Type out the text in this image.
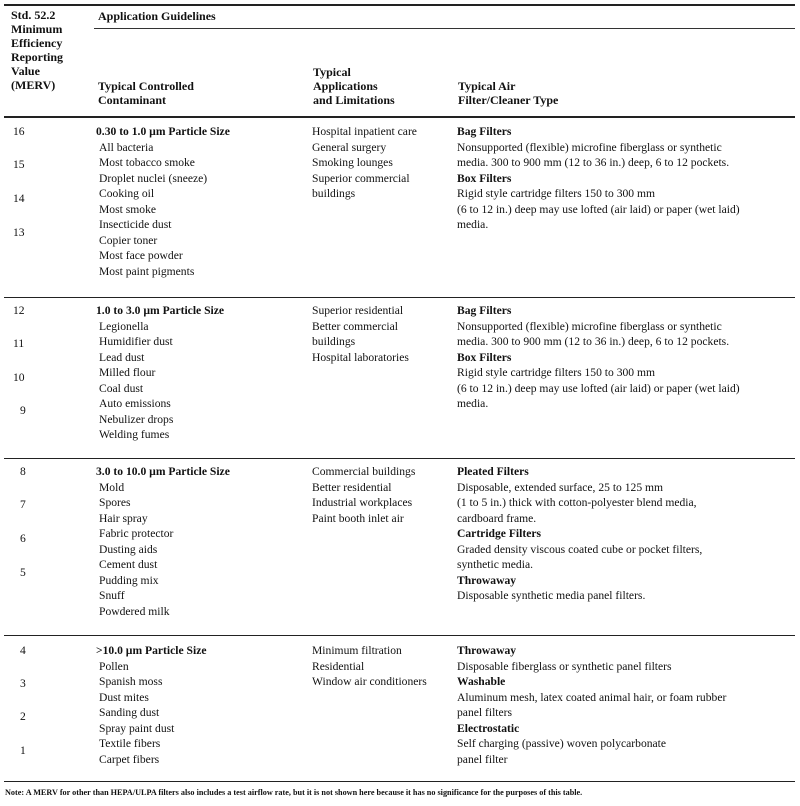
Std. 52.2
Minimum
Efficiency
Reporting
Value
(MERV)
Application Guidelines
Typical Controlled
Contaminant
Typical
Applications
and Limitations
Typical Air
Filter/Cleaner Type
16
15
14
13
0.30 to 1.0 µm Particle Size
All bacteria
Most tobacco smoke
Droplet nuclei (sneeze)
Cooking oil
Most smoke
Insecticide dust
Copier toner
Most face powder
Most paint pigments
Hospital inpatient care
General surgery
Smoking lounges
Superior commercial
buildings
Bag Filters
Nonsupported (flexible) microfine fiberglass or synthetic
media. 300 to 900 mm (12 to 36 in.) deep, 6 to 12 pockets.
Box Filters
Rigid style cartridge filters 150 to 300 mm
(6 to 12 in.) deep may use lofted (air laid) or paper (wet laid)
media.
12
11
10
9
1.0 to 3.0 µm Particle Size
Legionella
Humidifier dust
Lead dust
Milled flour
Coal dust
Auto emissions
Nebulizer drops
Welding fumes
Superior residential
Better commercial
buildings
Hospital laboratories
Bag Filters
Nonsupported (flexible) microfine fiberglass or synthetic
media. 300 to 900 mm (12 to 36 in.) deep, 6 to 12 pockets.
Box Filters
Rigid style cartridge filters 150 to 300 mm
(6 to 12 in.) deep may use lofted (air laid) or paper (wet laid)
media.
8
7
6
5
3.0 to 10.0 µm Particle Size
Mold
Spores
Hair spray
Fabric protector
Dusting aids
Cement dust
Pudding mix
Snuff
Powdered milk
Commercial buildings
Better residential
Industrial workplaces
Paint booth inlet air
Pleated Filters
Disposable, extended surface, 25 to 125 mm
(1 to 5 in.) thick with cotton-polyester blend media,
cardboard frame.
Cartridge Filters
Graded density viscous coated cube or pocket filters,
synthetic media.
Throwaway
Disposable synthetic media panel filters.
4
3
2
1
>10.0 µm Particle Size
Pollen
Spanish moss
Dust mites
Sanding dust
Spray paint dust
Textile fibers
Carpet fibers
Minimum filtration
Residential
Window air conditioners
Throwaway
Disposable fiberglass or synthetic panel filters
Washable
Aluminum mesh, latex coated animal hair, or foam rubber
panel filters
Electrostatic
Self charging (passive) woven polycarbonate
panel filter
Note: A MERV for other than HEPA/ULPA filters also includes a test airflow rate, but it is not shown here because it has no significance for the purposes of this table.
